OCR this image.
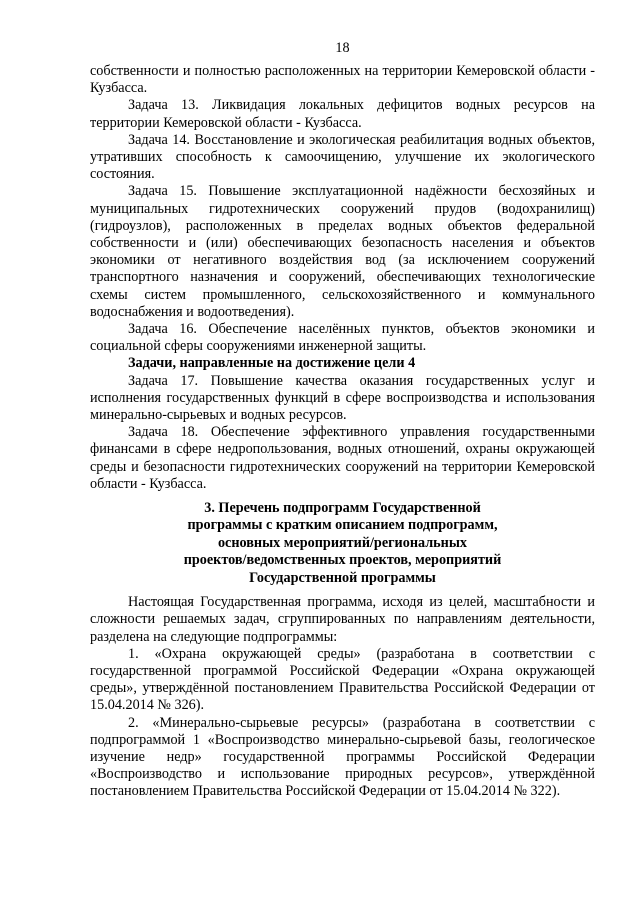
18

собственности и полностью расположенных на территории Кемеровской области - Кузбасса.

Задача 13. Ликвидация локальных дефицитов водных ресурсов на территории Кемеровской области - Кузбасса.

Задача 14. Восстановление и экологическая реабилитация водных объектов, утративших способность к самоочищению, улучшение их экологического состояния.

Задача 15. Повышение эксплуатационной надёжности бесхозяйных и муниципальных гидротехнических сооружений прудов (водохранилищ) (гидроузлов), расположенных в пределах водных объектов федеральной собственности и (или) обеспечивающих безопасность населения и объектов экономики от негативного воздействия вод (за исключением сооружений транспортного назначения и сооружений, обеспечивающих технологические схемы систем промышленного, сельскохозяйственного и коммунального водоснабжения и водоотведения).

Задача 16. Обеспечение населённых пунктов, объектов экономики и социальной сферы сооружениями инженерной защиты.

Задачи, направленные на достижение цели 4

Задача 17. Повышение качества оказания государственных услуг и исполнения государственных функций в сфере воспроизводства и использования минерально-сырьевых и водных ресурсов.

Задача 18. Обеспечение эффективного управления государственными финансами в сфере недропользования, водных отношений, охраны окружающей среды и безопасности гидротехнических сооружений на территории Кемеровской области - Кузбасса.

3. Перечень подпрограмм Государственной
программы с кратким описанием подпрограмм,
основных мероприятий/региональных
проектов/ведомственных проектов, мероприятий
Государственной программы

Настоящая Государственная программа, исходя из целей, масштабности и сложности решаемых задач, сгруппированных по направлениям деятельности, разделена на следующие подпрограммы:

1. «Охрана окружающей среды» (разработана в соответствии с государственной программой Российской Федерации «Охрана окружающей среды», утверждённой постановлением Правительства Российской Федерации от 15.04.2014 № 326).

2. «Минерально-сырьевые ресурсы» (разработана в соответствии с подпрограммой 1 «Воспроизводство минерально-сырьевой базы, геологическое изучение недр» государственной программы Российской Федерации «Воспроизводство и использование природных ресурсов», утверждённой постановлением Правительства Российской Федерации от 15.04.2014 № 322).
